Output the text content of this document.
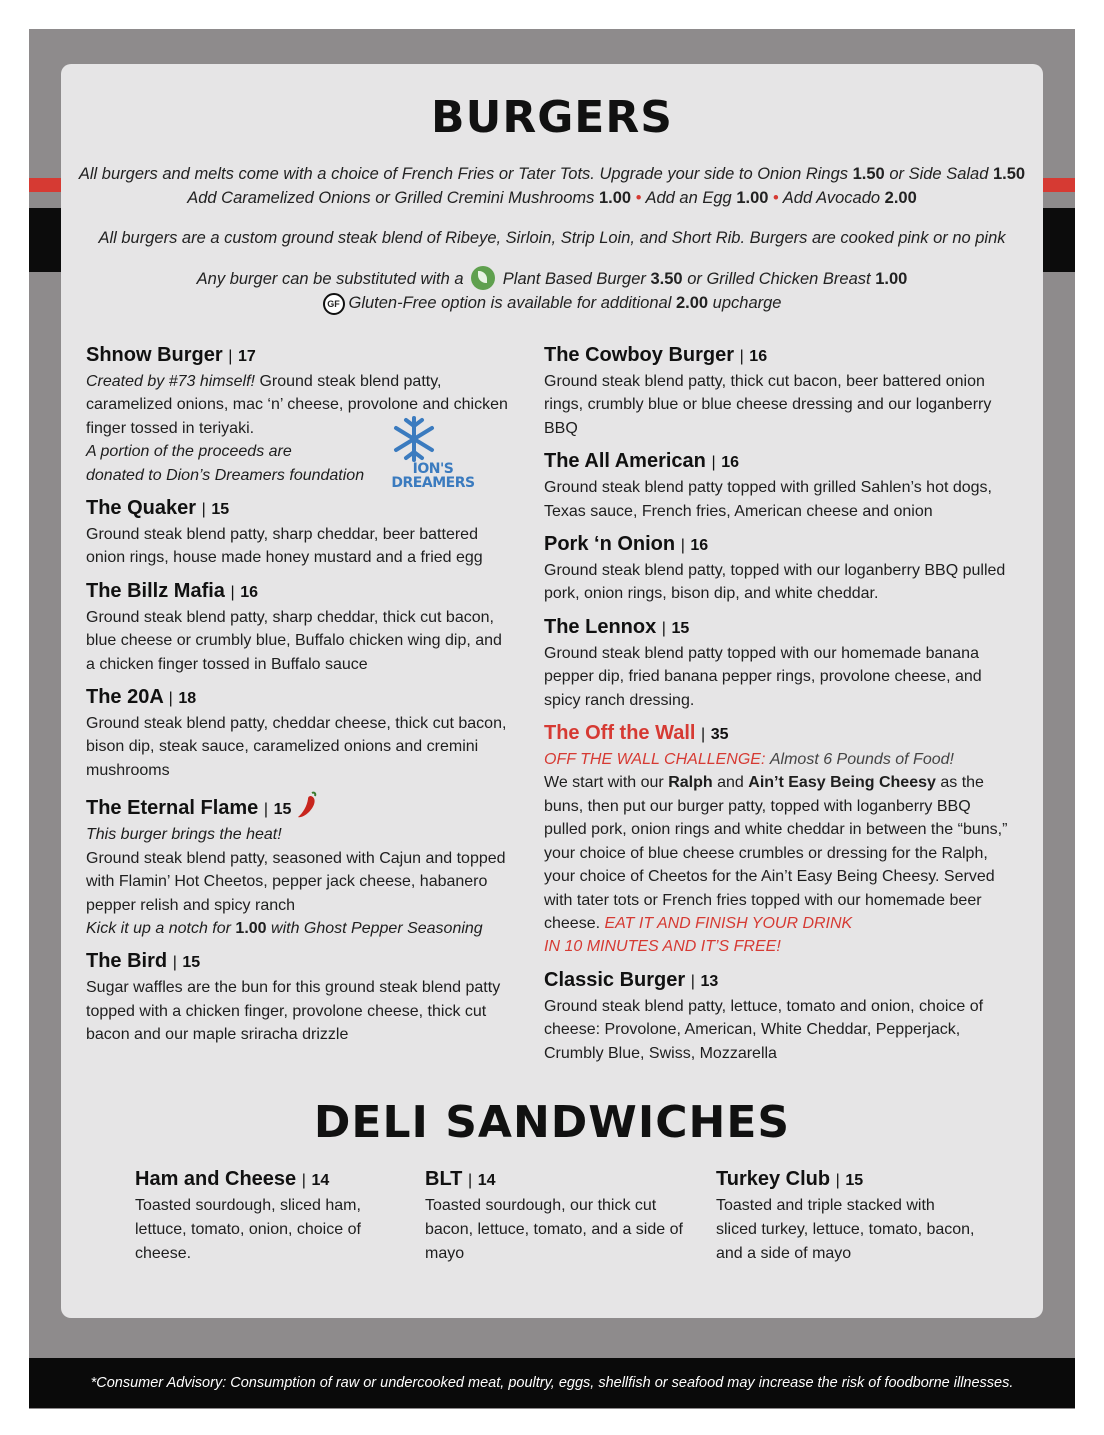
BURGERS
All burgers and melts come with a choice of French Fries or Tater Tots. Upgrade your side to Onion Rings 1.50 or Side Salad 1.50
Add Caramelized Onions or Grilled Cremini Mushrooms 1.00 • Add an Egg 1.00 • Add Avocado 2.00
All burgers are a custom ground steak blend of Ribeye, Sirloin, Strip Loin, and Short Rib. Burgers are cooked pink or no pink
Any burger can be substituted with a Plant Based Burger 3.50 or Grilled Chicken Breast 1.00
GF Gluten-Free option is available for additional 2.00 upcharge
Shnow Burger | 17
Created by #73 himself! Ground steak blend patty, caramelized onions, mac ‘n’ cheese, provolone and chicken finger tossed in teriyaki.
A portion of the proceeds are
donated to Dion’s Dreamers foundation
The Quaker | 15
Ground steak blend patty, sharp cheddar, beer battered onion rings, house made honey mustard and a fried egg
The Billz Mafia | 16
Ground steak blend patty, sharp cheddar, thick cut bacon, blue cheese or crumbly blue, Buffalo chicken wing dip, and a chicken finger tossed in Buffalo sauce
The 20A | 18
Ground steak blend patty, cheddar cheese, thick cut bacon, bison dip, steak sauce, caramelized onions and cremini mushrooms
The Eternal Flame | 15
This burger brings the heat!
Ground steak blend patty, seasoned with Cajun and topped with Flamin’ Hot Cheetos, pepper jack cheese, habanero pepper relish and spicy ranch
Kick it up a notch for 1.00 with Ghost Pepper Seasoning
The Bird | 15
Sugar waffles are the bun for this ground steak blend patty topped with a chicken finger, provolone cheese, thick cut bacon and our maple sriracha drizzle
ION'S DREAMERS
The Cowboy Burger | 16
Ground steak blend patty, thick cut bacon, beer battered onion rings, crumbly blue or blue cheese dressing and our loganberry BBQ
The All American | 16
Ground steak blend patty topped with grilled Sahlen’s hot dogs, Texas sauce, French fries, American cheese and onion
Pork ‘n Onion | 16
Ground steak blend patty, topped with our loganberry BBQ pulled pork, onion rings, bison dip, and white cheddar.
The Lennox | 15
Ground steak blend patty topped with our homemade banana pepper dip, fried banana pepper rings, provolone cheese, and spicy ranch dressing.
The Off the Wall | 35
OFF THE WALL CHALLENGE: Almost 6 Pounds of Food!
We start with our Ralph and Ain’t Easy Being Cheesy as the buns, then put our burger patty, topped with loganberry BBQ pulled pork, onion rings and white cheddar in between the “buns,” your choice of blue cheese crumbles or dressing for the Ralph, your choice of Cheetos for the Ain’t Easy Being Cheesy. Served with tater tots or French fries topped with our homemade beer cheese. EAT IT AND FINISH YOUR DRINK
IN 10 MINUTES AND IT’S FREE!
Classic Burger | 13
Ground steak blend patty, lettuce, tomato and onion, choice of cheese: Provolone, American, White Cheddar, Pepperjack, Crumbly Blue, Swiss, Mozzarella
DELI SANDWICHES
Ham and Cheese | 14
Toasted sourdough, sliced ham, lettuce, tomato, onion, choice of cheese.
BLT | 14
Toasted sourdough, our thick cut bacon, lettuce, tomato, and a side of mayo
Turkey Club | 15
Toasted and triple stacked with sliced turkey, lettuce, tomato, bacon, and a side of mayo
*Consumer Advisory: Consumption of raw or undercooked meat, poultry, eggs, shellfish or seafood may increase the risk of foodborne illnesses.
